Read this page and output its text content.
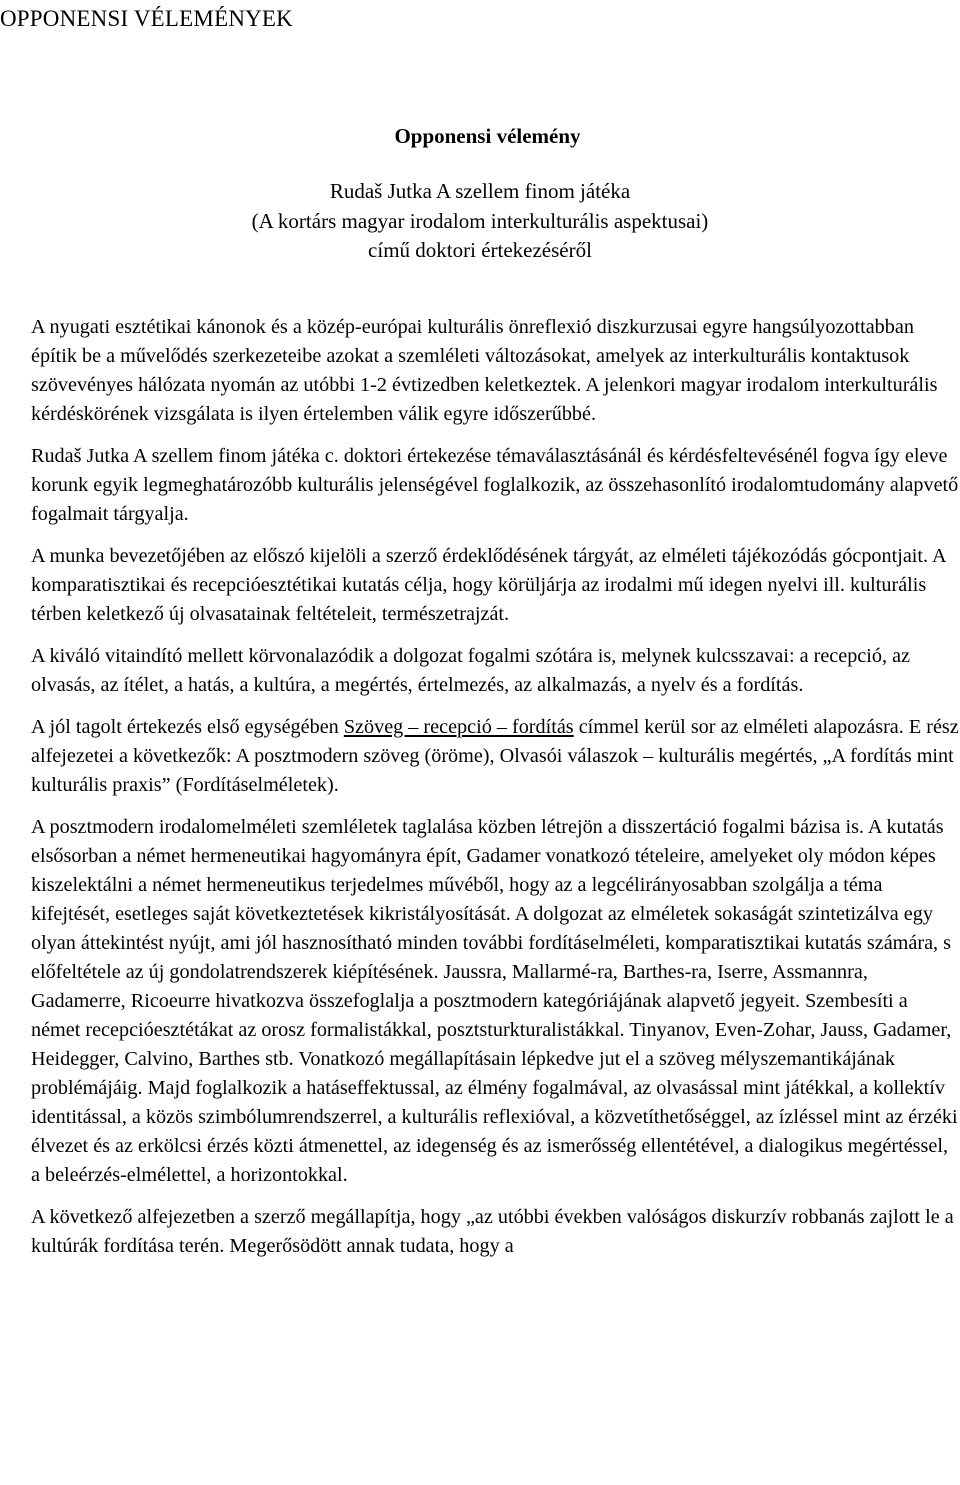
OPPONENSI VÉLEMÉNYEK
Opponensi vélemény
Rudaš Jutka A szellem finom játéka
(A kortárs magyar irodalom interkulturális aspektusai)
című doktori értekezéséről

A nyugati esztétikai kánonok és a közép-európai kulturális önreflexió diszkurzusai egyre hangsúlyozottabban építik be a művelődés szerkezeteibe azokat a szemléleti változásokat, amelyek az interkulturális kontaktusok szövevényes hálózata nyomán az utóbbi 1-2 évtizedben keletkeztek. A jelenkori magyar irodalom interkulturális kérdéskörének vizsgálata is ilyen értelemben válik egyre időszerűbbé.

Rudaš Jutka A szellem finom játéka c. doktori értekezése témaválasztásánál és kérdésfeltevésénél fogva így eleve korunk egyik legmeghatározóbb kulturális jelenségével foglalkozik, az összehasonlító irodalomtudomány alapvető fogalmait tárgyalja.

A munka bevezetőjében az előszó kijelöli a szerző érdeklődésének tárgyát, az elméleti tájékozódás gócpontjait. A komparatisztikai és recepcióesztétikai kutatás célja, hogy körüljárja az irodalmi mű idegen nyelvi ill. kulturális térben keletkező új olvasatainak feltételeit, természetrajzát.

A kiváló vitaindító mellett körvonalazódik a dolgozat fogalmi szótára is, melynek kulcsszavai: a recepció, az olvasás, az ítélet, a hatás, a kultúra, a megértés, értelmezés, az alkalmazás, a nyelv és a fordítás.

A jól tagolt értekezés első egységében Szöveg – recepció – fordítás címmel kerül sor az elméleti alapozásra. E rész alfejezetei a következők: A posztmodern szöveg (öröme), Olvasói válaszok – kulturális megértés, „A fordítás mint kulturális praxis” (Fordításelméletek).

A posztmodern irodalomelméleti szemléletek taglalása közben létrejön a disszertáció fogalmi bázisa is. A kutatás elsősorban a német hermeneutikai hagyományra épít, Gadamer vonatkozó tételeire, amelyeket oly módon képes kiszelektálni a német hermeneutikus terjedelmes művéből, hogy az a legcélirányosabban szolgálja a téma kifejtését, esetleges saját következtetések kikristályosítását. A dolgozat az elméletek sokaságát szintetizálva egy olyan áttekintést nyújt, ami jól hasznosítható minden további fordításelméleti, komparatisztikai kutatás számára, s előfeltétele az új gondolatrendszerek kiépítésének. Jaussra, Mallarmé-ra, Barthes-ra, Iserre, Assmannra, Gadamerre, Ricoeurre hivatkozva összefoglalja a posztmodern kategóriájának alapvető jegyeit. Szembesíti a német recepcióesztétákat az orosz formalistákkal, posztsturkturalistákkal. Tinyanov, Even-Zohar, Jauss, Gadamer, Heidegger, Calvino, Barthes stb. Vonatkozó megállapításain lépkedve jut el a szöveg mélyszemantikájának problémájáig. Majd foglalkozik a hatáseffektussal, az élmény fogalmával, az olvasással mint játékkal, a kollektív identitással, a közös szimbólumrendszerrel, a kulturális reflexióval, a közvetíthetőséggel, az ízléssel mint az érzéki élvezet és az erkölcsi érzés közti átmenettel, az idegenség és az ismerősség ellentétével, a dialogikus megértéssel, a beleérzés-elmélettel, a horizontokkal.

A következő alfejezetben a szerző megállapítja, hogy „az utóbbi években valóságos diskurzív robbanás zajlott le a kultúrák fordítása terén. Megerősödött annak tudata, hogy a
